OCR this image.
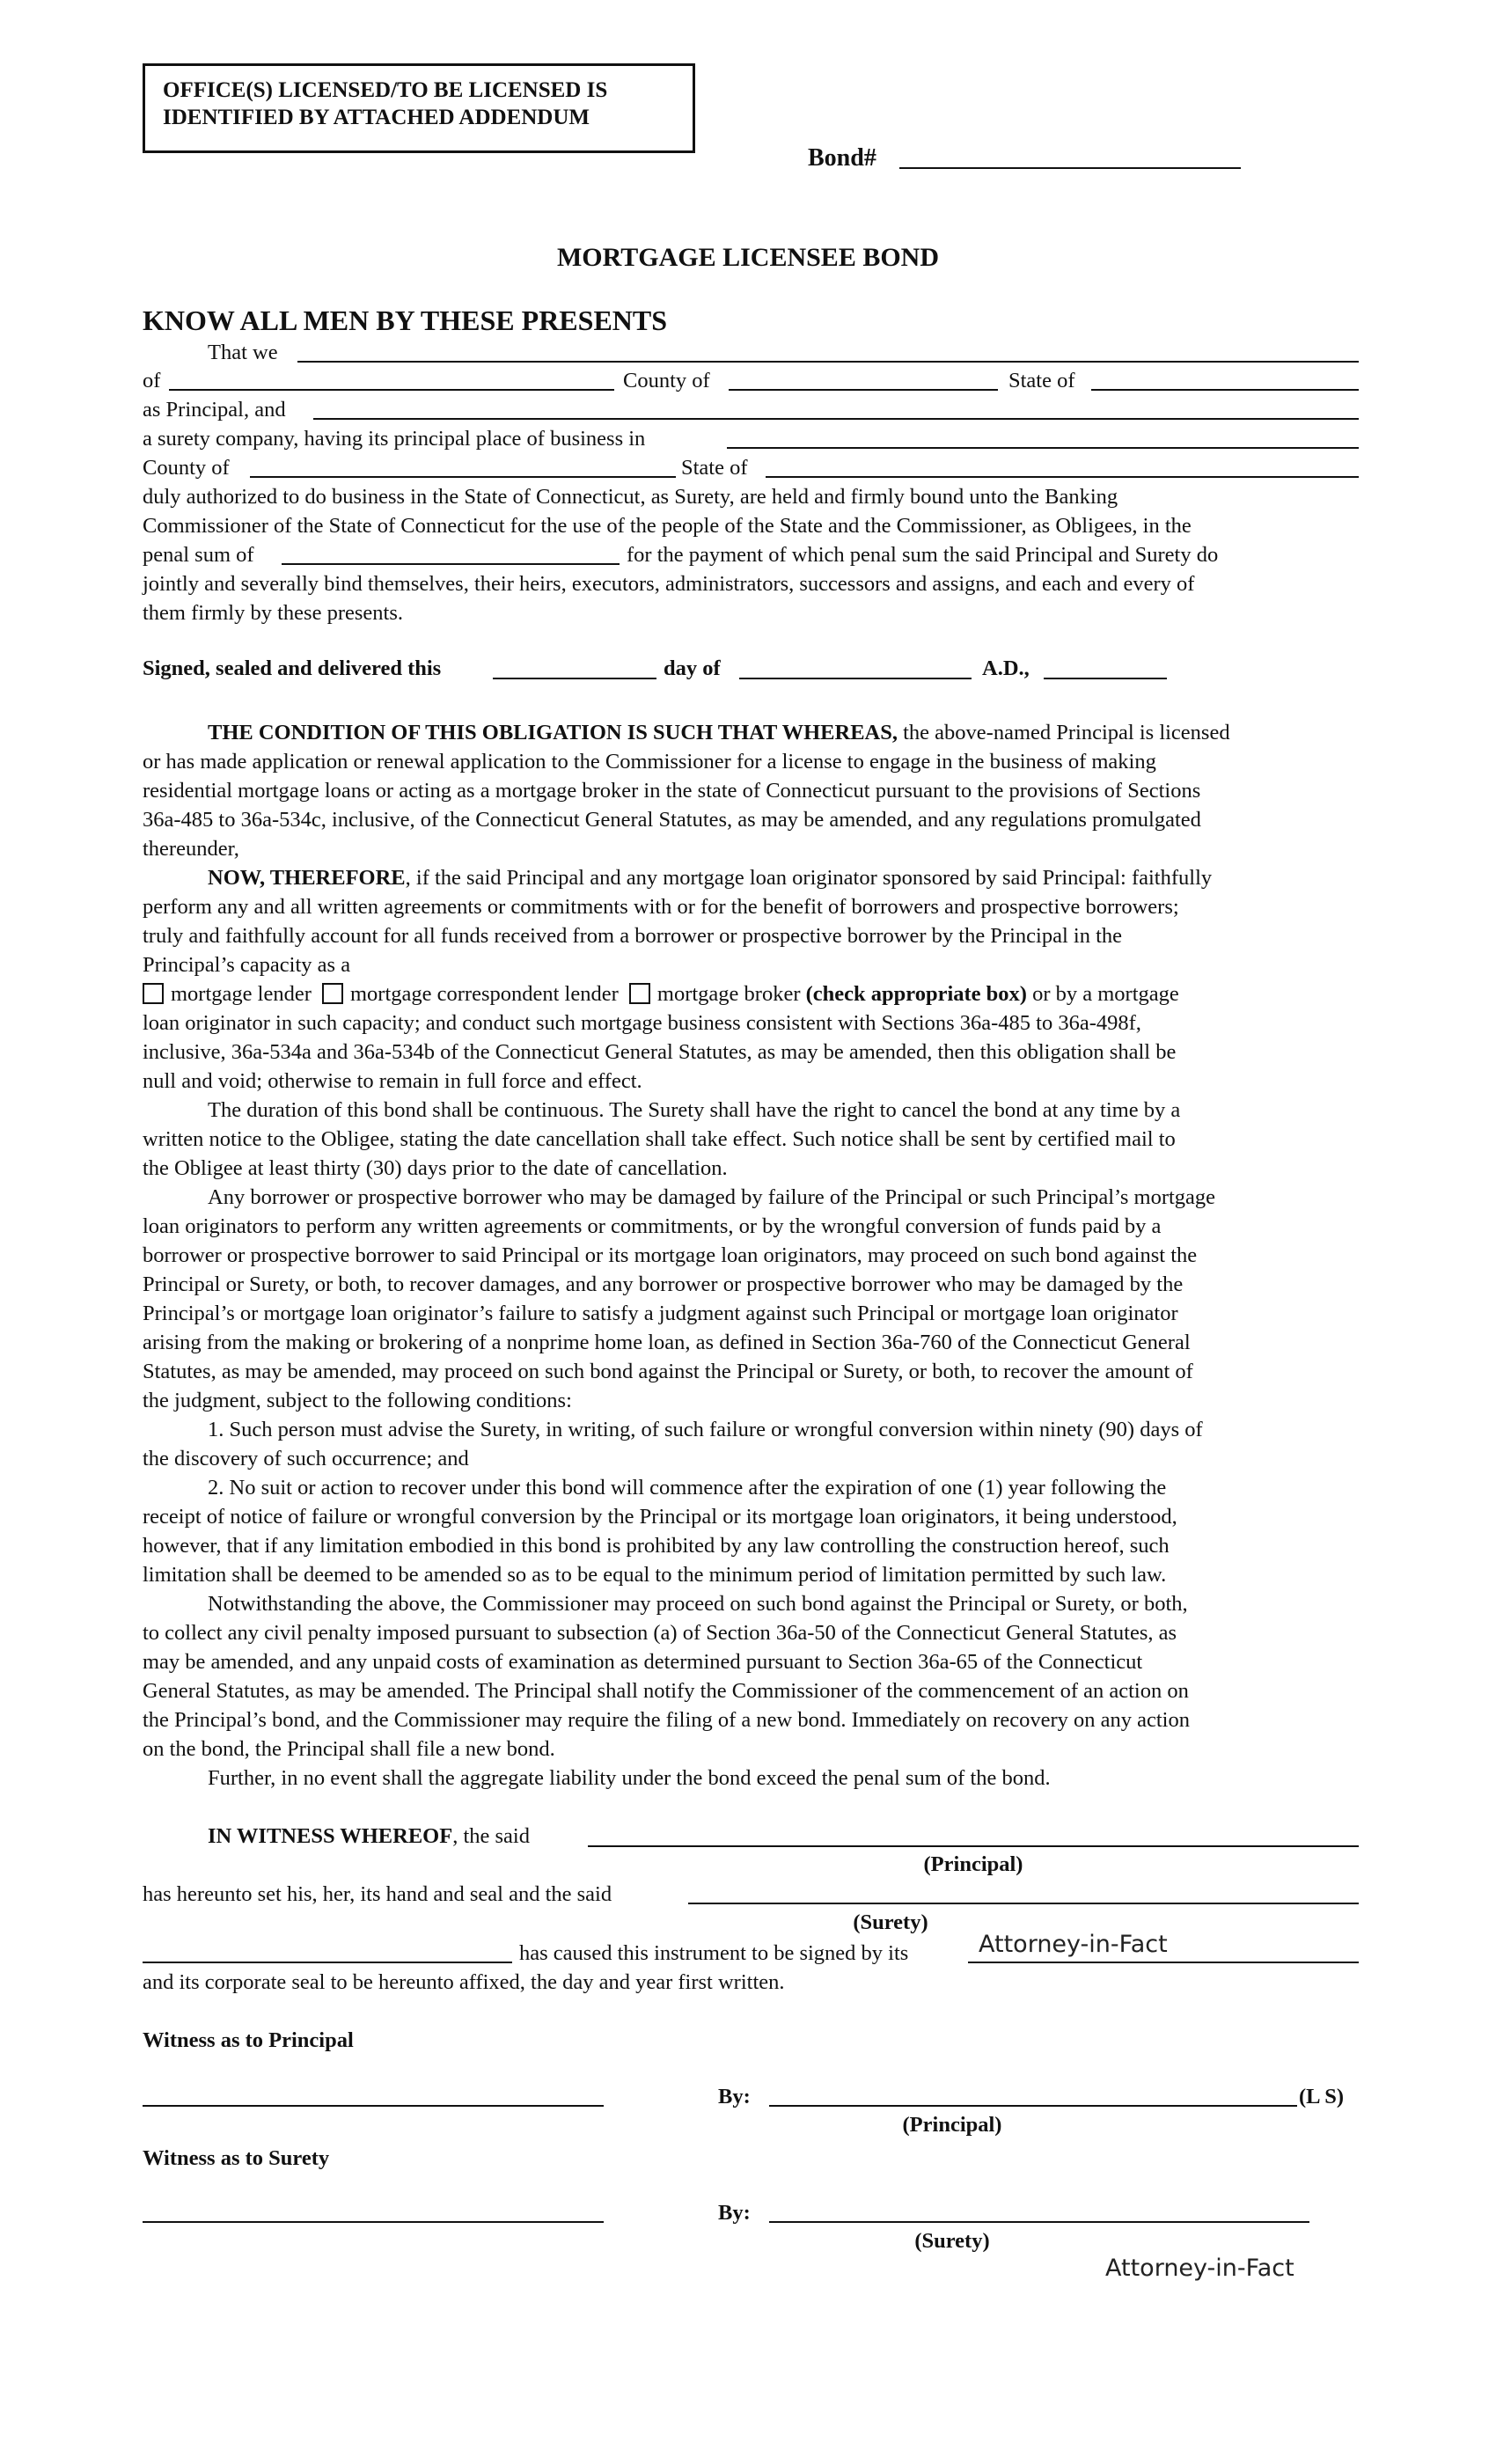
OFFICE(S) LICENSED/TO BE LICENSED IS
IDENTIFIED BY ATTACHED ADDENDUM
Bond#
MORTGAGE LICENSEE BOND
KNOW ALL MEN BY THESE PRESENTS
That we
of	County of	State of
as Principal, and
a surety company, having its principal place of business in
County of	State of
duly authorized to do business in the State of Connecticut, as Surety, are held and firmly bound unto the Banking
Commissioner of the State of Connecticut for the use of the people of the State and the Commissioner, as Obligees, in the
penal sum of	for the payment of which penal sum the said Principal and Surety do
jointly and severally bind themselves, their heirs, executors, administrators, successors and assigns, and each and every of
them firmly by these presents.
Signed, sealed and delivered this	day of	A.D.,
THE CONDITION OF THIS OBLIGATION IS SUCH THAT WHEREAS, the above-named Principal is licensed
or has made application or renewal application to the Commissioner for a license to engage in the business of making
residential mortgage loans or acting as a mortgage broker in the state of Connecticut pursuant to the provisions of Sections
36a-485 to 36a-534c, inclusive, of the Connecticut General Statutes, as may be amended, and any regulations promulgated
thereunder,
NOW, THEREFORE, if the said Principal and any mortgage loan originator sponsored by said Principal: faithfully
perform any and all written agreements or commitments with or for the benefit of borrowers and prospective borrowers;
truly and faithfully account for all funds received from a borrower or prospective borrower by the Principal in the
Principal’s capacity as a
mortgage lender mortgage correspondent lender mortgage broker (check appropriate box) or by a mortgage
loan originator in such capacity; and conduct such mortgage business consistent with Sections 36a-485 to 36a-498f,
inclusive, 36a-534a and 36a-534b of the Connecticut General Statutes, as may be amended, then this obligation shall be
null and void; otherwise to remain in full force and effect.
The duration of this bond shall be continuous. The Surety shall have the right to cancel the bond at any time by a
written notice to the Obligee, stating the date cancellation shall take effect. Such notice shall be sent by certified mail to
the Obligee at least thirty (30) days prior to the date of cancellation.
Any borrower or prospective borrower who may be damaged by failure of the Principal or such Principal’s mortgage
loan originators to perform any written agreements or commitments, or by the wrongful conversion of funds paid by a
borrower or prospective borrower to said Principal or its mortgage loan originators, may proceed on such bond against the
Principal or Surety, or both, to recover damages, and any borrower or prospective borrower who may be damaged by the
Principal’s or mortgage loan originator’s failure to satisfy a judgment against such Principal or mortgage loan originator
arising from the making or brokering of a nonprime home loan, as defined in Section 36a-760 of the Connecticut General
Statutes, as may be amended, may proceed on such bond against the Principal or Surety, or both, to recover the amount of
the judgment, subject to the following conditions:
1. Such person must advise the Surety, in writing, of such failure or wrongful conversion within ninety (90) days of
the discovery of such occurrence; and
2. No suit or action to recover under this bond will commence after the expiration of one (1) year following the
receipt of notice of failure or wrongful conversion by the Principal or its mortgage loan originators, it being understood,
however, that if any limitation embodied in this bond is prohibited by any law controlling the construction hereof, such
limitation shall be deemed to be amended so as to be equal to the minimum period of limitation permitted by such law.
Notwithstanding the above, the Commissioner may proceed on such bond against the Principal or Surety, or both,
to collect any civil penalty imposed pursuant to subsection (a) of Section 36a-50 of the Connecticut General Statutes, as
may be amended, and any unpaid costs of examination as determined pursuant to Section 36a-65 of the Connecticut
General Statutes, as may be amended. The Principal shall notify the Commissioner of the commencement of an action on
the Principal’s bond, and the Commissioner may require the filing of a new bond. Immediately on recovery on any action
on the bond, the Principal shall file a new bond.
Further, in no event shall the aggregate liability under the bond exceed the penal sum of the bond.
IN WITNESS WHEREOF, the said
(Principal)
has hereunto set his, her, its hand and seal and the said
(Surety)
has caused this instrument to be signed by its	Attorney-in-Fact
and its corporate seal to be hereunto affixed, the day and year first written.
Witness as to Principal
By:	(L S)
(Principal)
Witness as to Surety
By:
(Surety)
Attorney-in-Fact
